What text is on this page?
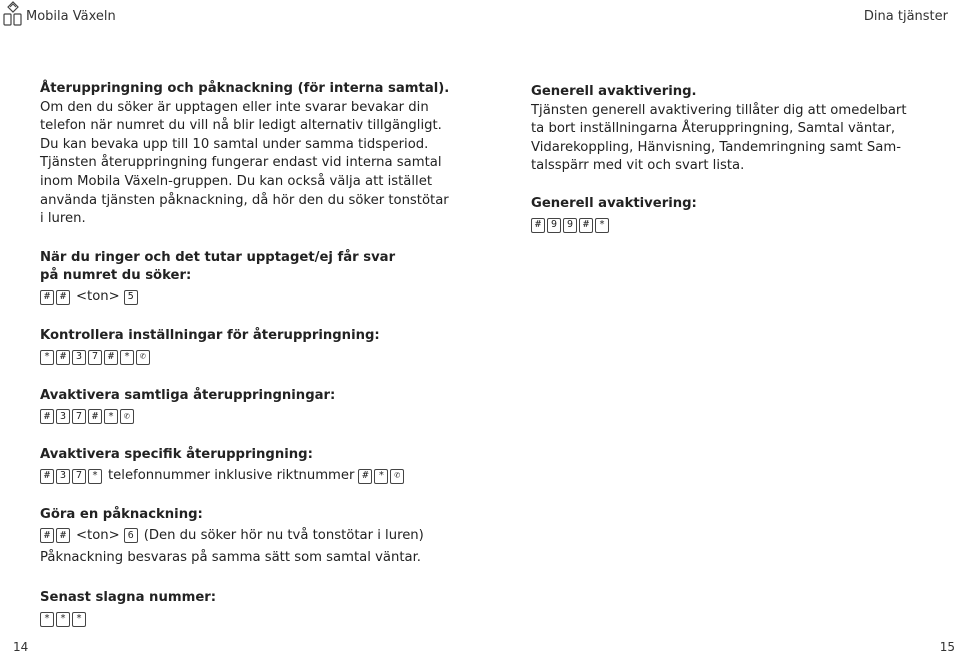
Mobila Växeln	Dina tjänster

Återuppringning och påknackning (för interna samtal).

Om den du söker är upptagen eller inte svarar bevakar din
telefon när numret du vill nå blir ledigt alternativ tillgängligt.
Du kan bevaka upp till 10 samtal under samma tidsperiod.
Tjänsten återuppringning fungerar endast vid interna samtal
inom Mobila Växeln-gruppen. Du kan också välja att istället
använda tjänsten påknackning, då hör den du söker tonstötar
i luren.

När du ringer och det tutar upptaget/ej får svar
på numret du söker:

# # <ton> 5

Kontrollera inställningar för återuppringning:

* # 3 7 # * ✆

Avaktivera samtliga återuppringningar:

# 3 7 # * ✆

Avaktivera specifik återuppringning:

# 3 7 * telefonnummer inklusive riktnummer # * ✆

Göra en påknackning:

# # <ton> 6 (Den du söker hör nu två tonstötar i luren)

Påknackning besvaras på samma sätt som samtal väntar.

Senast slagna nummer:

* * *

Generell avaktivering.

Tjänsten generell avaktivering tillåter dig att omedelbart
ta bort inställningarna Återuppringning, Samtal väntar,
Vidarekoppling, Hänvisning, Tandemringning samt Sam-
talsspärr med vit och svart lista.

Generell avaktivering:

# 9 9 # *
14	15
